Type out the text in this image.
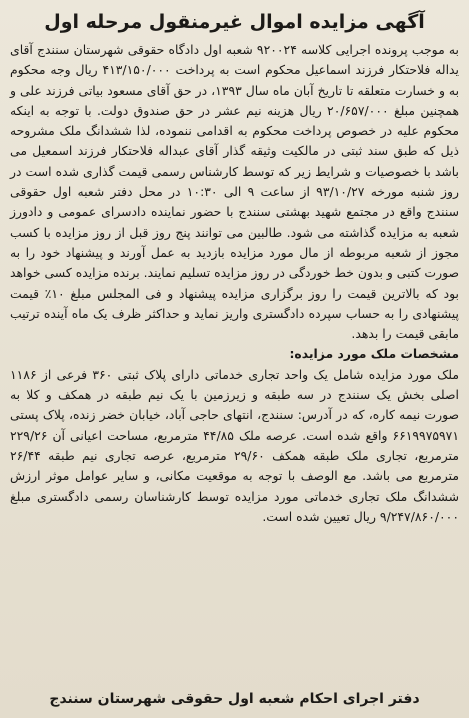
آگهی مزایده اموال غیرمنقول مرحله اول

به موجب پرونده اجرایی کلاسه ۹۲۰۰۲۴ شعبه اول دادگاه حقوقی شهرستان سنندج آقای یداله فلاحتکار فرزند اسماعیل محکوم است به پرداخت ۴۱۳/۱۵۰/۰۰۰ ریال وجه محکوم به و خسارت متعلقه تا تاریخ آبان ماه سال ۱۳۹۳، در حق آقای مسعود بیاتی فرزند علی و همچنین مبلغ ۲۰/۶۵۷/۰۰۰ ریال هزینه نیم عشر در حق صندوق دولت. با توجه به اینکه محکوم علیه در خصوص پرداخت محکوم به اقدامی ننموده، لذا ششدانگ ملک مشروحه ذیل که طبق سند ثبتی در مالکیت وثیقه گذار آقای عبداله فلاحتکار فرزند اسمعیل می باشد با خصوصیات و شرایط زیر که توسط کارشناس رسمی قیمت گذاری شده است در روز شنبه مورخه ۹۳/۱۰/۲۷ از ساعت ۹ الی ۱۰:۳۰ در محل دفتر شعبه اول حقوقی سنندج واقع در مجتمع شهید بهشتی سنندج با حضور نماینده دادسرای عمومی و دادورز شعبه به مزایده گذاشته می شود. طالبین می توانند پنج روز قبل از روز مزایده با کسب مجوز از شعبه مربوطه از مال مورد مزایده بازدید به عمل آورند و پیشنهاد خود را به صورت کتبی و بدون خط خوردگی در روز مزایده تسلیم نمایند. برنده مزایده کسی خواهد بود که بالاترین قیمت را روز برگزاری مزایده پیشنهاد و فی المجلس مبلغ ۱۰٪ قیمت پیشنهادی را به حساب سپرده دادگستری واریز نماید و حداکثر ظرف یک ماه آینده ترتیب مابقی قیمت را بدهد.

مشخصات ملک مورد مزایده:

ملک مورد مزایده شامل یک واحد تجاری خدماتی دارای پلاک ثبتی ۳۶۰ فرعی از ۱۱۸۶ اصلی بخش یک سنندج در سه طبقه و زیرزمین با یک نیم طبقه در همکف و کلا به صورت نیمه کاره، که در آدرس: سنندج، انتهای حاجی آباد، خیابان خضر زنده، پلاک پستی ۶۶۱۹۹۷۵۹۷۱ واقع شده است. عرصه ملک ۴۴/۸۵ مترمربع، مساحت اعیانی آن ۲۲۹/۲۶ مترمربع، تجاری ملک طبقه همکف ۲۹/۶۰ مترمربع، عرصه تجاری نیم طبقه ۲۶/۴۴ مترمربع می باشد. مع الوصف با توجه به موقعیت مکانی، و سایر عوامل موثر ارزش ششدانگ ملک تجاری خدماتی مورد مزایده توسط کارشناسان رسمی دادگستری مبلغ ۹/۲۴۷/۸۶۰/۰۰۰ ریال تعیین شده است.

دفتر اجرای احکام شعبه اول حقوقی شهرستان سنندج
